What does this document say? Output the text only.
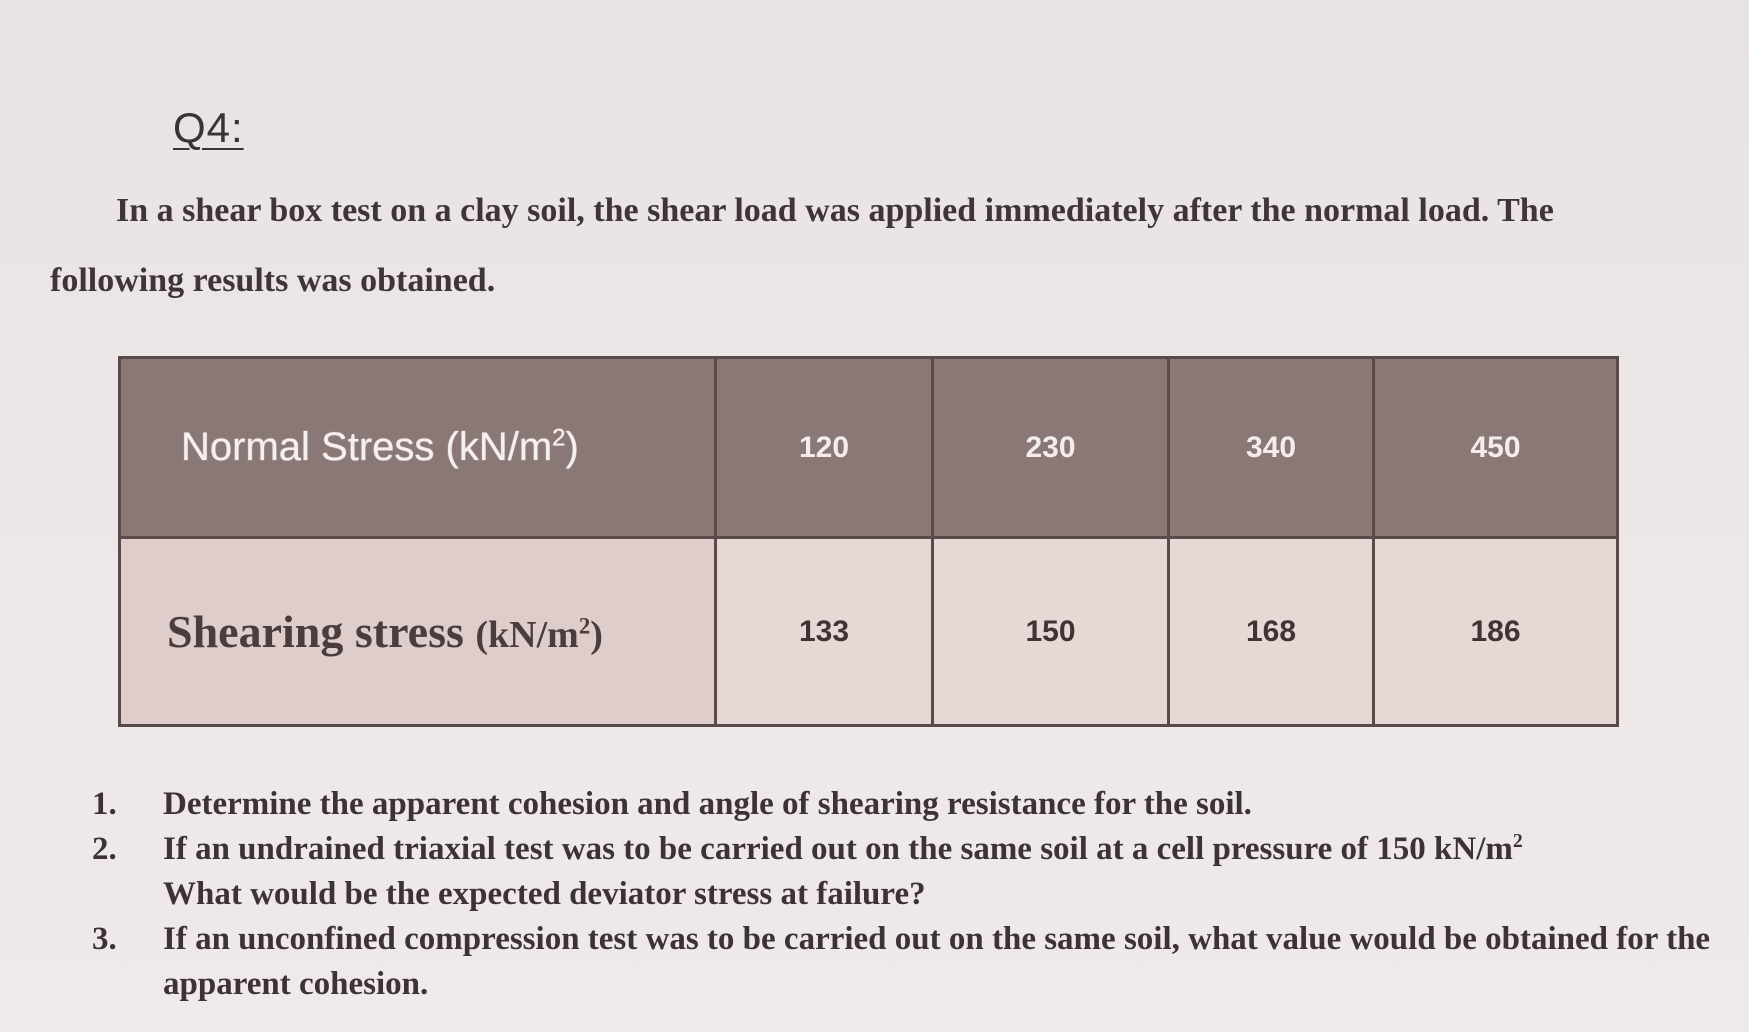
Q4:
In a shear box test on a clay soil, the shear load was applied immediately after the normal load. The
following results was obtained.
Normal Stress $(kN/m^2)$	120	230	340	450
Shearing stress $(kN/m^2)$	133	150	168	186
1.	Determine the apparent cohesion and angle of shearing resistance for the soil.
2.	If an undrained triaxial test was to be carried out on the same soil at a cell pressure of 150 $kN/m^2$
What would be the expected deviator stress at failure?
3.	If an unconfined compression test was to be carried out on the same soil, what value would be obtained for the apparent cohesion.
